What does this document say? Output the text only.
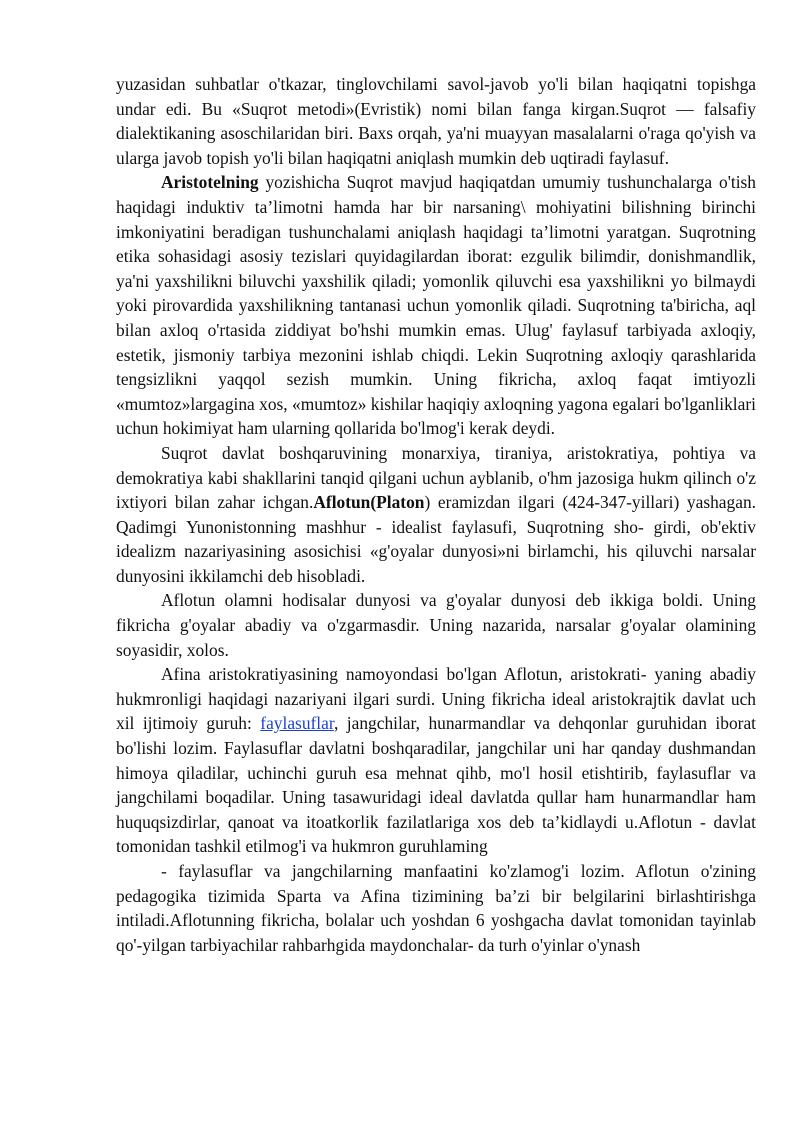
yuzasidan suhbatlar o'tkazar, tinglovchilami savol-javob yo'li bilan haqiqatni topishga undar edi. Bu «Suqrot metodi»(Evristik) nomi bilan fanga kirgan.Suqrot — falsafiy dialektikaning asoschilaridan biri. Baxs orqah, ya'ni muayyan masalalarni o'raga qo'yish va ularga javob topish yo'li bilan haqiqatni aniqlash mumkin deb uqtiradi faylasuf.

Aristotelning yozishicha Suqrot mavjud haqiqatdan umumiy tushunchalarga o'tish haqidagi induktiv ta’limotni hamda har bir narsaning\ mohiyatini bilishning birinchi imkoniyatini beradigan tushunchalami aniqlash haqidagi ta’limotni yaratgan. Suqrotning etika sohasidagi asosiy tezislari quyidagilardan iborat: ezgulik bilimdir, donishmandlik, ya'ni yaxshilikni biluvchi yaxshilik qiladi; yomonlik qiluvchi esa yaxshilikni yo bilmaydi yoki pirovardida yaxshilikning tantanasi uchun yomonlik qiladi. Suqrotning ta'biricha, aql bilan axloq o'rtasida ziddiyat bo'hshi mumkin emas. Ulug' faylasuf tarbiyada axloqiy, estetik, jismoniy tarbiya mezonini ishlab chiqdi. Lekin Suqrotning axloqiy qarashlarida tengsizlikni yaqqol sezish mumkin. Uning fikricha, axloq faqat imtiyozli «mumtoz»largagina xos, «mumtoz» kishilar haqiqiy axloqning yagona egalari bo'lganliklari uchun hokimiyat ham ularning qollarida bo'lmog'i kerak deydi.

Suqrot davlat boshqaruvining monarxiya, tiraniya, aristokratiya, pohtiya va demokratiya kabi shakllarini tanqid qilgani uchun ayblanib, o'hm jazosiga hukm qilinch o'z ixtiyori bilan zahar ichgan.Aflotun(Platon) eramizdan ilgari (424-347-yillari) yashagan. Qadimgi Yunonistonning mashhur - idealist faylasufi, Suqrotning sho- girdi, ob'ektiv idealizm nazariyasining asosichisi «g'oyalar dunyosi»ni birlamchi, his qiluvchi narsalar dunyosini ikkilamchi deb hisobladi.

Aflotun olamni hodisalar dunyosi va g'oyalar dunyosi deb ikkiga boldi. Uning fikricha g'oyalar abadiy va o'zgarmasdir. Uning nazarida, narsalar g'oyalar olamining soyasidir, xolos.

Afina aristokratiyasining namoyondasi bo'lgan Aflotun, aristokrati- yaning abadiy hukmronligi haqidagi nazariyani ilgari surdi. Uning fikricha ideal aristokrajtik davlat uch xil ijtimoiy guruh: faylasuflar, jangchilar, hunarmandlar va dehqonlar guruhidan iborat bo'lishi lozim. Faylasuflar davlatni boshqaradilar, jangchilar uni har qanday dushmandan himoya qiladilar, uchinchi guruh esa mehnat qihb, mo'l hosil etishtirib, faylasuflar va jangchilami boqadilar. Uning tasawuridagi ideal davlatda qullar ham hunarmandlar ham huquqsizdirlar, qanoat va itoatkorlik fazilatlariga xos deb ta’kidlaydi u.Aflotun - davlat tomonidan tashkil etilmog'i va hukmron guruhlaming

- faylasuflar va jangchilarning manfaatini ko'zlamog'i lozim. Aflotun o'zining pedagogika tizimida Sparta va Afina tizimining ba’zi bir belgilarini birlashtirishga intiladi.Aflotunning fikricha, bolalar uch yoshdan 6 yoshgacha davlat tomonidan tayinlab qo'-yilgan tarbiyachilar rahbarhgida maydonchalar- da turh o'yinlar o'ynash
